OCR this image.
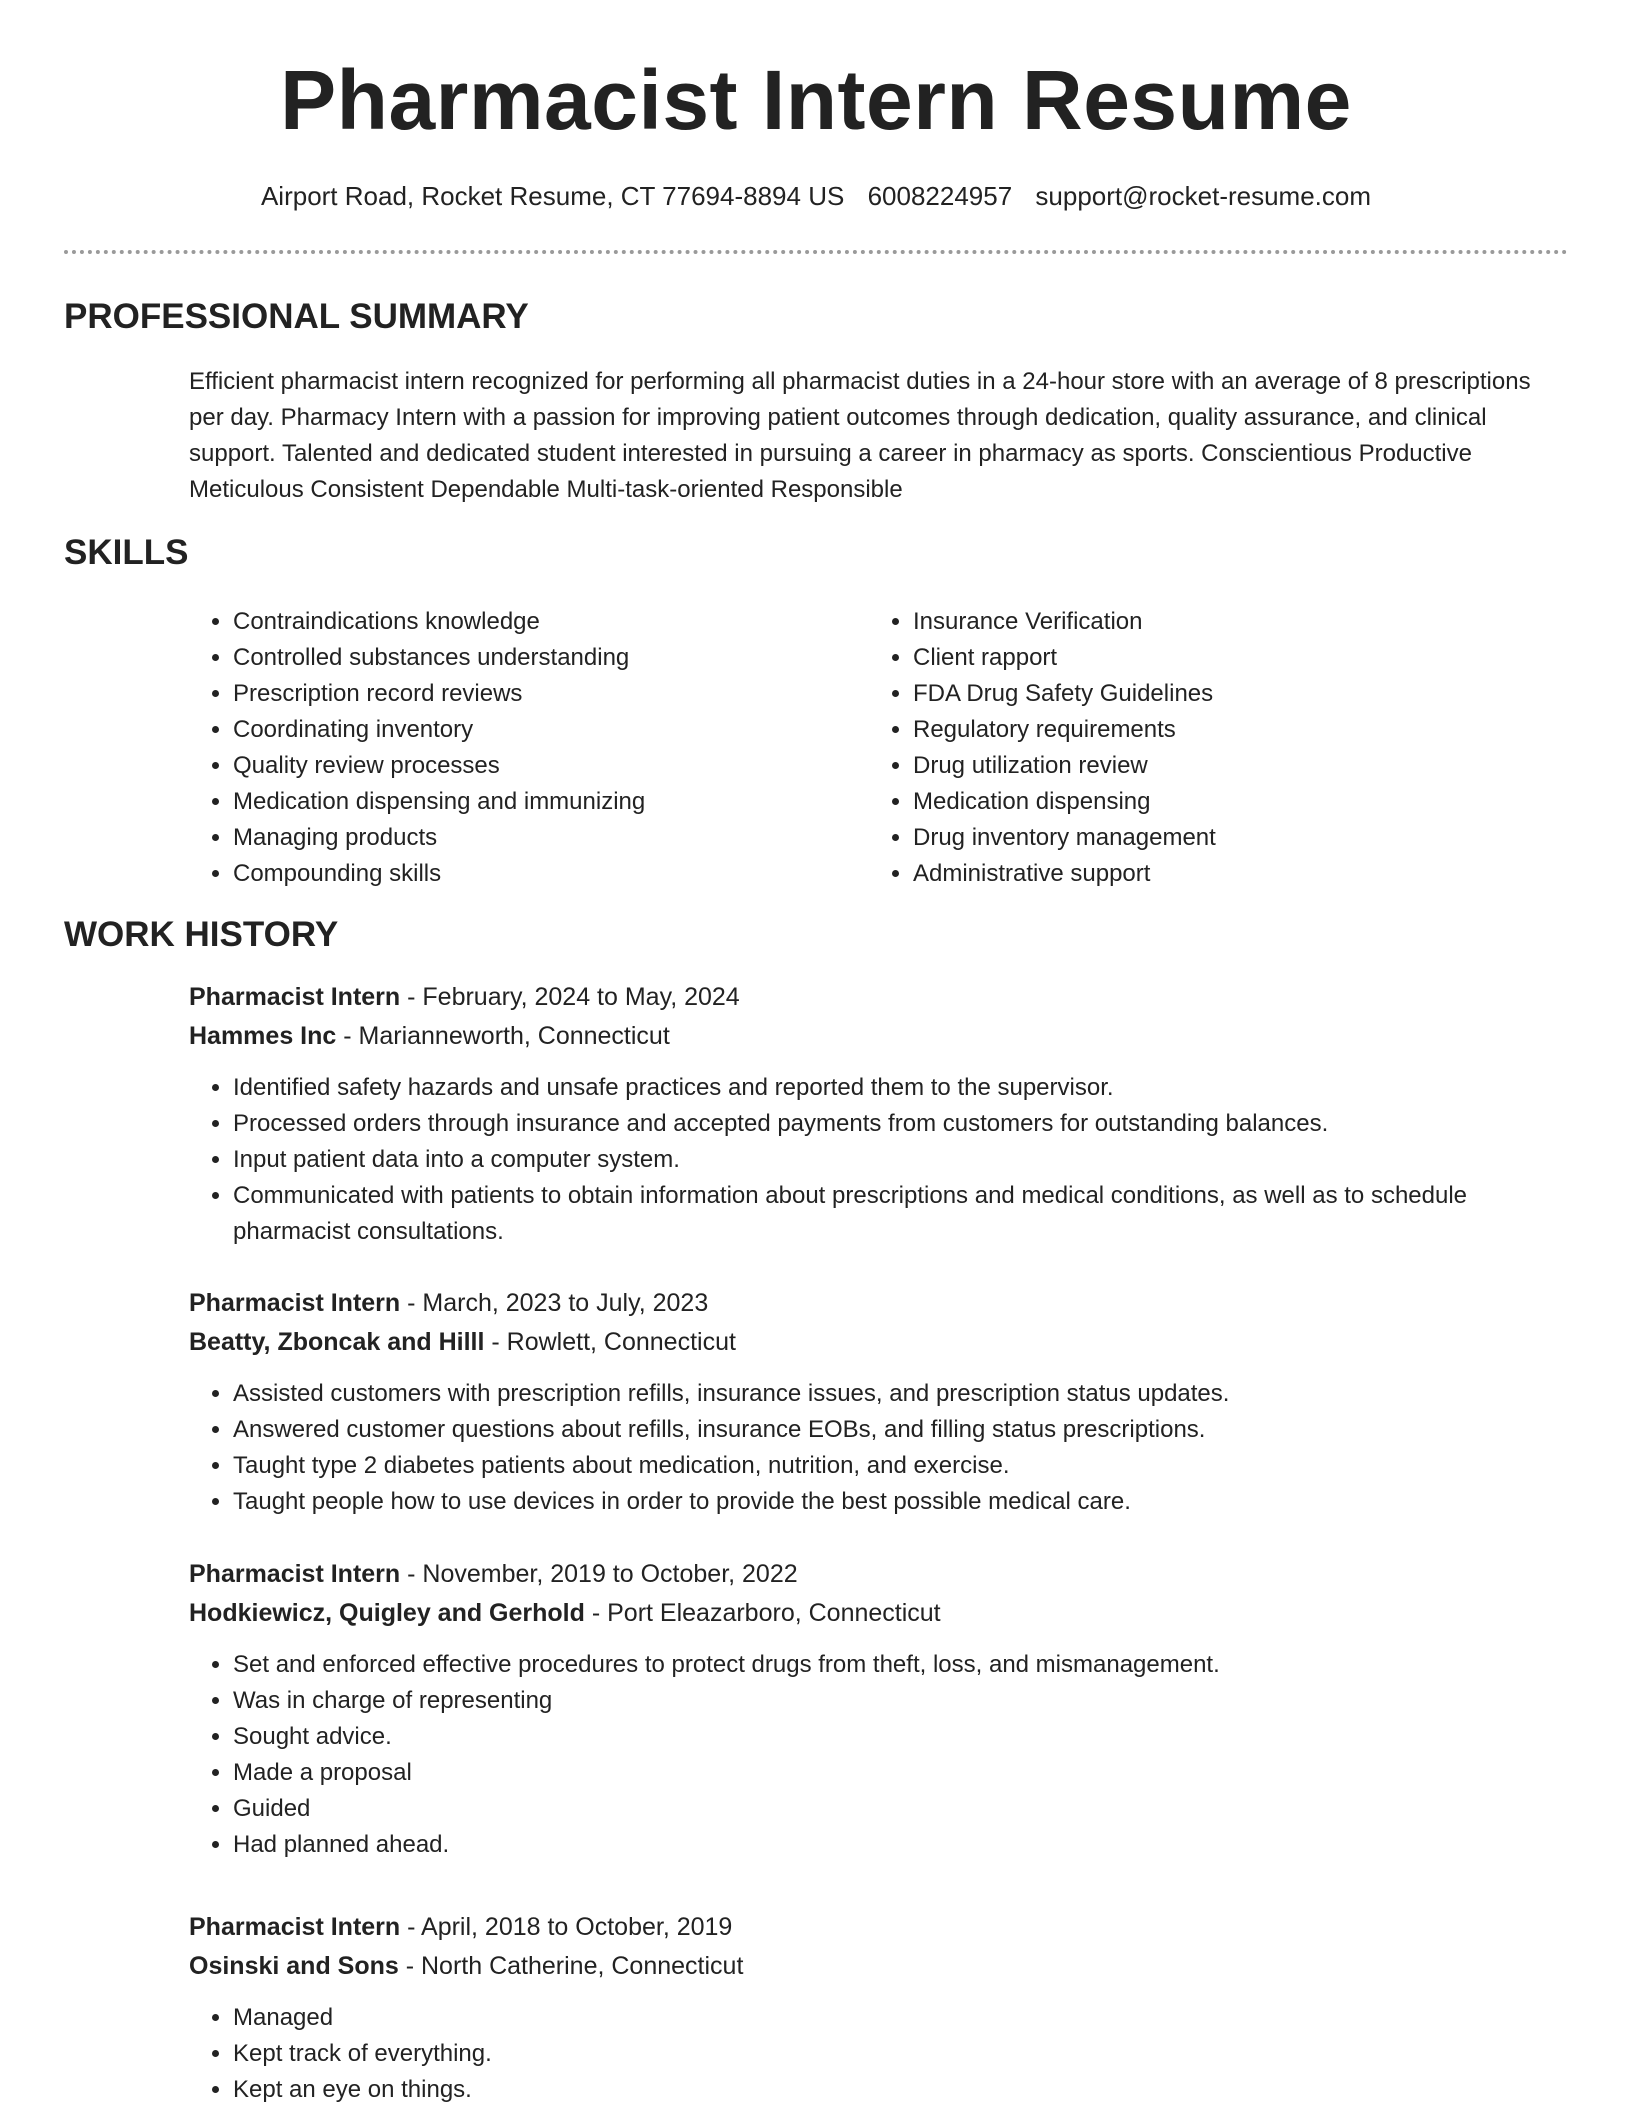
Pharmacist Intern Resume
Airport Road, Rocket Resume, CT 77694-8894 US 6008224957 support@rocket-resume.com
PROFESSIONAL SUMMARY

Efficient pharmacist intern recognized for performing all pharmacist duties in a 24-hour store with an average of 8 prescriptions per day. Pharmacy Intern with a passion for improving patient outcomes through dedication, quality assurance, and clinical support. Talented and dedicated student interested in pursuing a career in pharmacy as sports. Conscientious Productive Meticulous Consistent Dependable Multi-task-oriented Responsible

SKILLS
• Contraindications knowledge
• Controlled substances understanding
• Prescription record reviews
• Coordinating inventory
• Quality review processes
• Medication dispensing and immunizing
• Managing products
• Compounding skills
• Insurance Verification
• Client rapport
• FDA Drug Safety Guidelines
• Regulatory requirements
• Drug utilization review
• Medication dispensing
• Drug inventory management
• Administrative support
WORK HISTORY
Pharmacist Intern - February, 2024 to May, 2024
Hammes Inc - Marianneworth, Connecticut
• Identified safety hazards and unsafe practices and reported them to the supervisor.
• Processed orders through insurance and accepted payments from customers for outstanding balances.
• Input patient data into a computer system.
• Communicated with patients to obtain information about prescriptions and medical conditions, as well as to schedule pharmacist consultations.
Pharmacist Intern - March, 2023 to July, 2023
Beatty, Zboncak and Hilll - Rowlett, Connecticut
• Assisted customers with prescription refills, insurance issues, and prescription status updates.
• Answered customer questions about refills, insurance EOBs, and filling status prescriptions.
• Taught type 2 diabetes patients about medication, nutrition, and exercise.
• Taught people how to use devices in order to provide the best possible medical care.
Pharmacist Intern - November, 2019 to October, 2022
Hodkiewicz, Quigley and Gerhold - Port Eleazarboro, Connecticut
• Set and enforced effective procedures to protect drugs from theft, loss, and mismanagement.
• Was in charge of representing
• Sought advice.
• Made a proposal
• Guided
• Had planned ahead.
Pharmacist Intern - April, 2018 to October, 2019
Osinski and Sons - North Catherine, Connecticut
• Managed
• Kept track of everything.
• Kept an eye on things.
